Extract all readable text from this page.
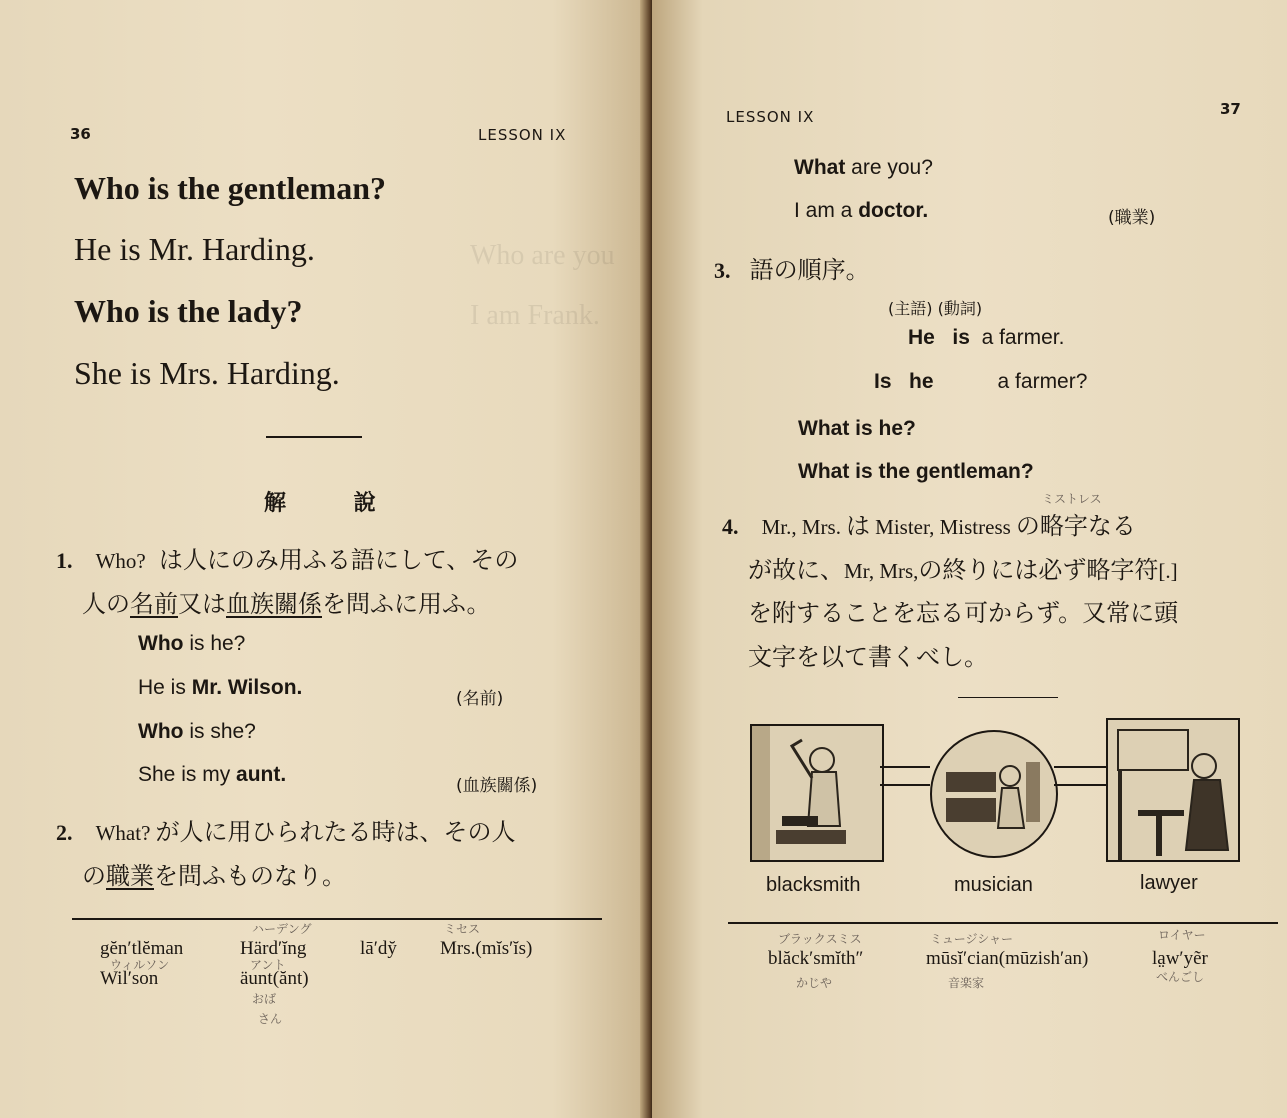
Who are you
I am Frank.
36	LESSON IX
Who is the gentleman?
He is Mr. Harding.
Who is the lady?
She is Mrs. Harding.
解 說
1. Who? は人にのみ用ふる語にして、その
人の名前又は血族關係を問ふに用ふ。
Who is he?
He is Mr. Wilson.	(名前)
Who is she?
She is my aunt.	(血族關係)
2. What? が人に用ひられたる時は、その人
の職業を問ふものなり。
gĕn′tlĕman	Härd′ĭng	lā′dy̆ Mrs.(mĭs′ĭs)
Wil′son	äunt(ănt)
ハーデング	ミセス
ウィルソン	アント
おば
さん
LESSON IX	37
What are you?
I am a doctor.	(職業)
3. 語の順序。
(主語) (動詞)
He is a farmer.
Is he	a farmer?
What is he?
What is the gentleman?
ミストレス
4. Mr., Mrs. は Mister, Mistress の略字なる
が故に、Mr, Mrs,の終りには必ず略字符[.]
を附することを忘る可からず。又常に頭
文字を以て書くべし。
blacksmith	musician	lawyer
blăck′smĭth″	mūsĭ′cian(mūzish′an)	la̤w′yẽr
ブラックスミス	ミュージシャー	ロイヤー
かじや	音楽家	べんごし
